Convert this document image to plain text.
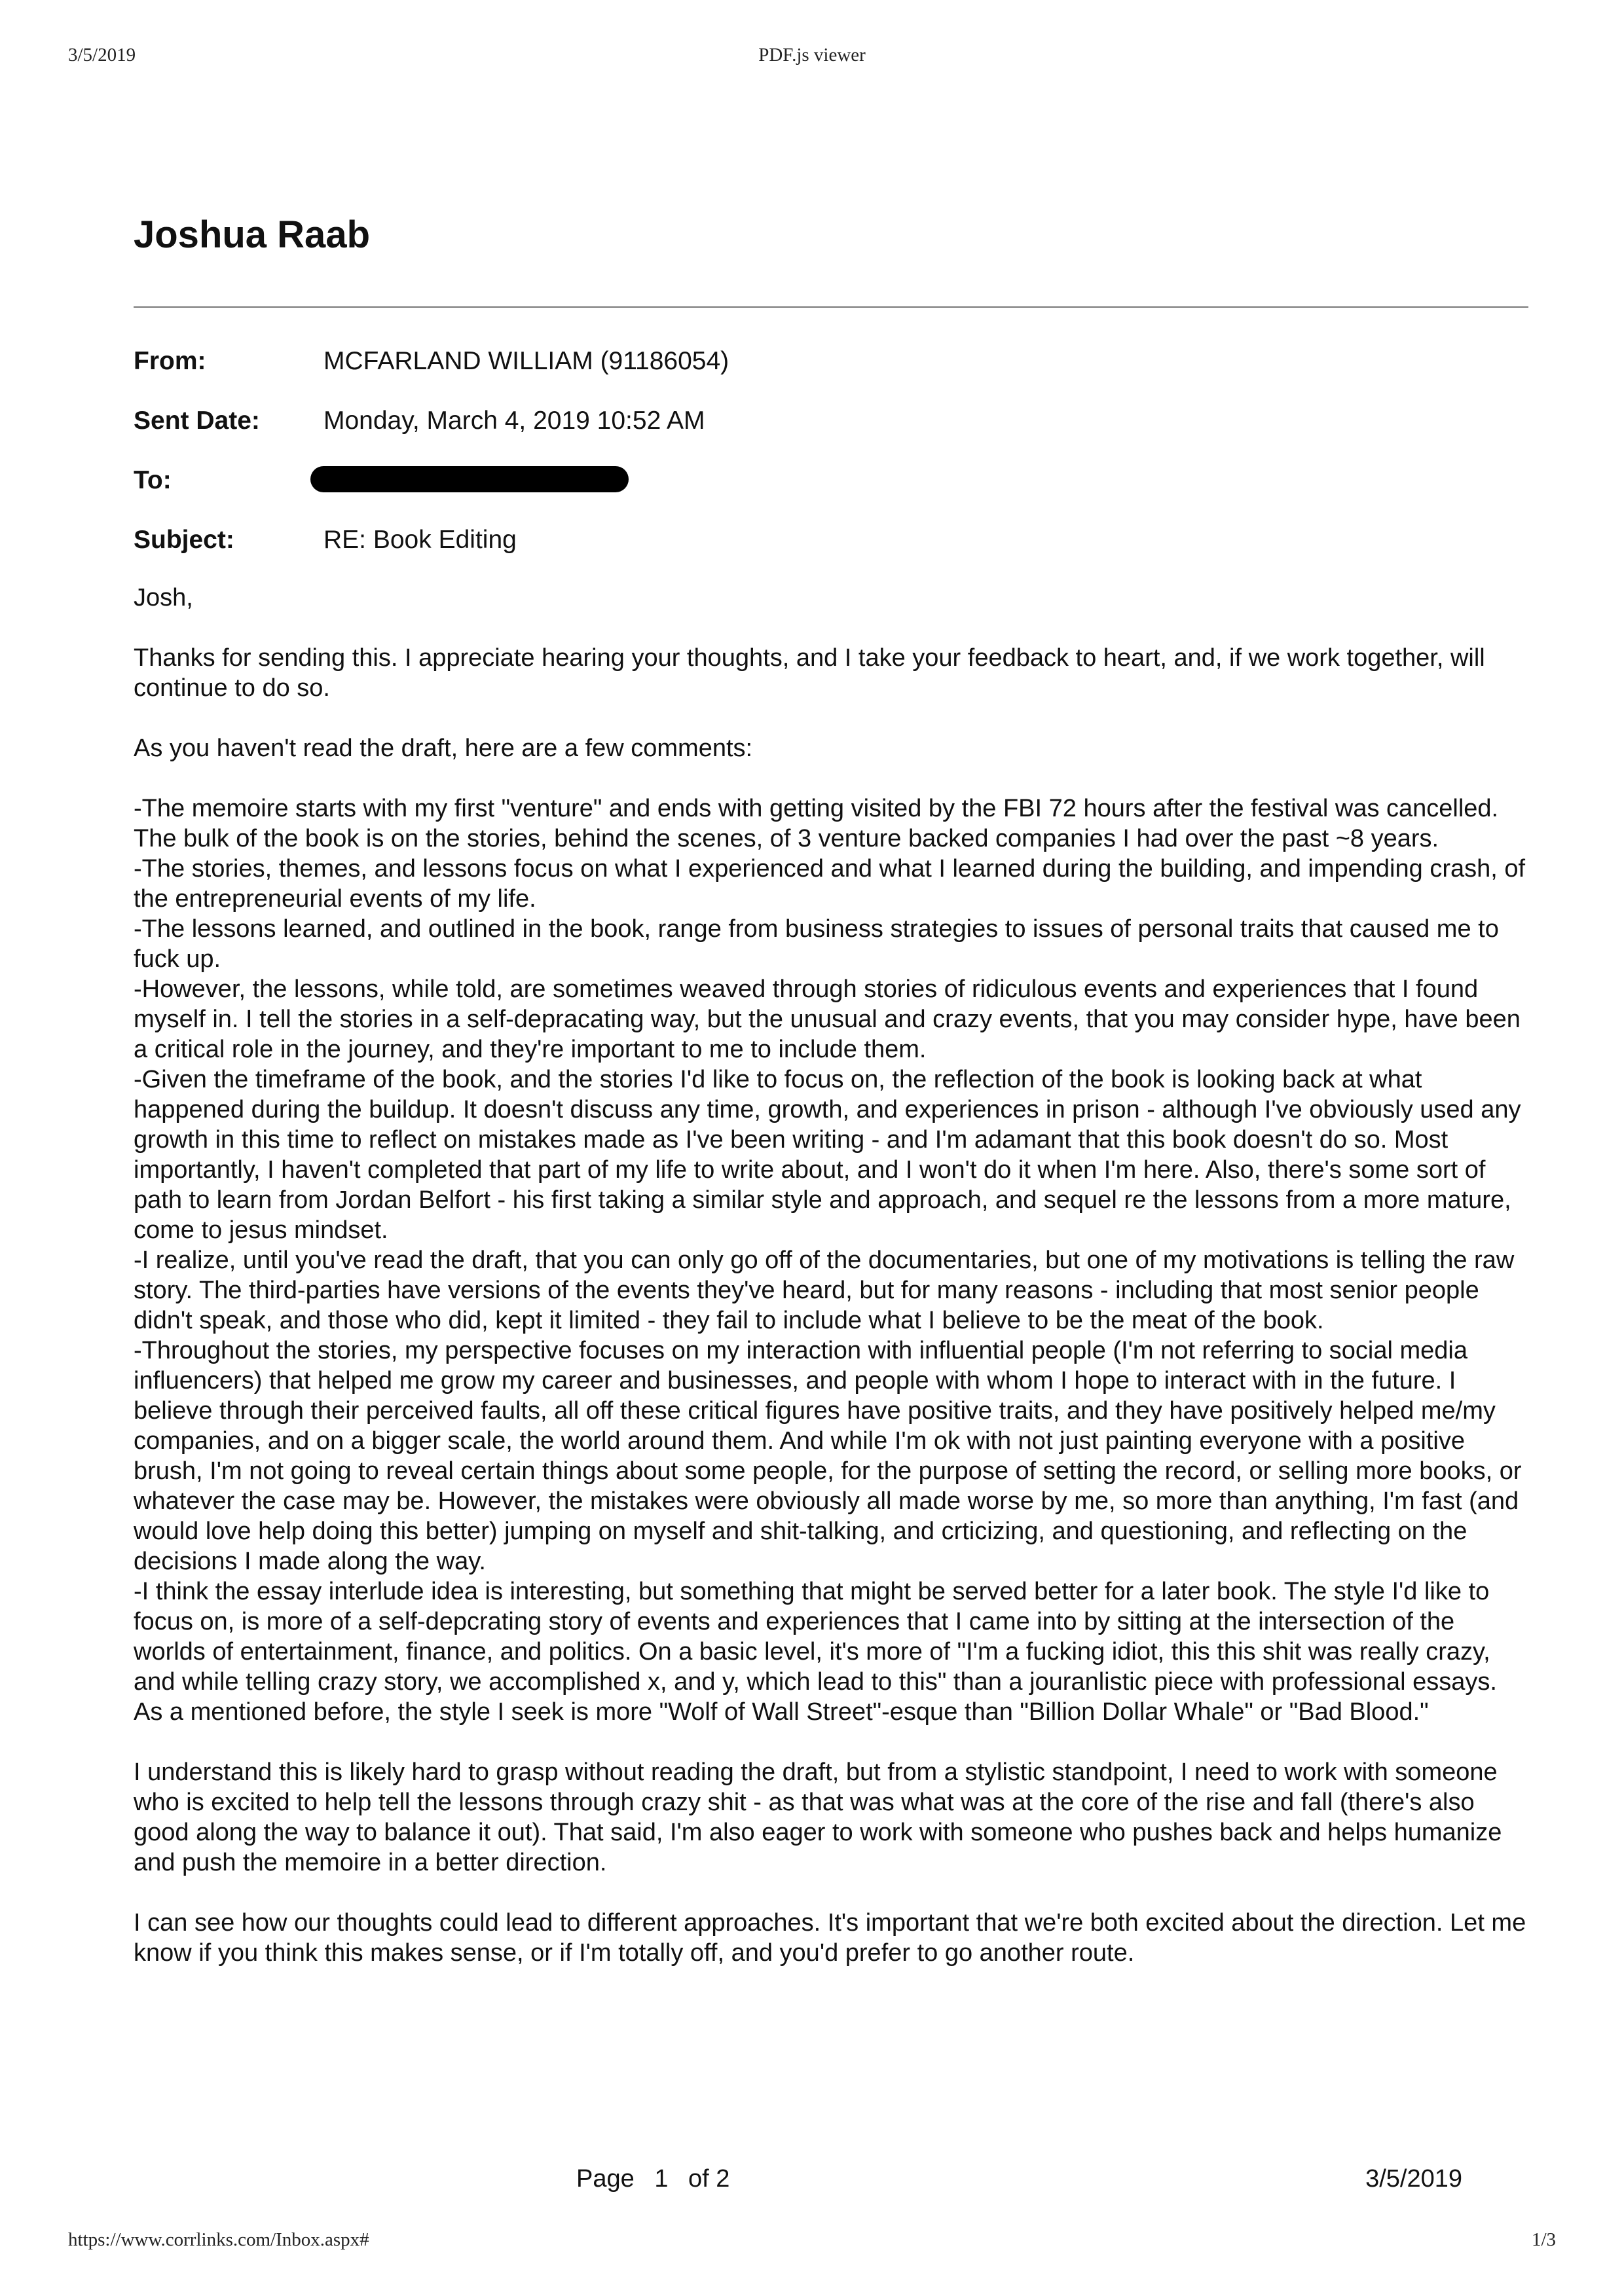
3/5/2019	PDF.js viewer
Joshua Raab
From:	MCFARLAND WILLIAM (91186054)
Sent Date: Monday, March 4, 2019 10:52 AM
To:
Subject:	RE: Book Editing

Josh,

Thanks for sending this. I appreciate hearing your thoughts, and I take your feedback to heart, and, if we work together, will continue to do so.

As you haven't read the draft, here are a few comments:

-The memoire starts with my first "venture" and ends with getting visited by the FBI 72 hours after the festival was cancelled. The bulk of the book is on the stories, behind the scenes, of 3 venture backed companies I had over the past ~8 years.

-The stories, themes, and lessons focus on what I experienced and what I learned during the building, and impending crash, of the entrepreneurial events of my life.

-The lessons learned, and outlined in the book, range from business strategies to issues of personal traits that caused me to fuck up.

-However, the lessons, while told, are sometimes weaved through stories of ridiculous events and experiences that I found myself in. I tell the stories in a self-depracating way, but the unusual and crazy events, that you may consider hype, have been a critical role in the journey, and they're important to me to include them.

-Given the timeframe of the book, and the stories I'd like to focus on, the reflection of the book is looking back at what happened during the buildup. It doesn't discuss any time, growth, and experiences in prison - although I've obviously used any growth in this time to reflect on mistakes made as I've been writing - and I'm adamant that this book doesn't do so. Most importantly, I haven't completed that part of my life to write about, and I won't do it when I'm here. Also, there's some sort of path to learn from Jordan Belfort - his first taking a similar style and approach, and sequel re the lessons from a more mature, come to jesus mindset.

-I realize, until you've read the draft, that you can only go off of the documentaries, but one of my motivations is telling the raw story. The third-parties have versions of the events they've heard, but for many reasons - including that most senior people didn't speak, and those who did, kept it limited - they fail to include what I believe to be the meat of the book.

-Throughout the stories, my perspective focuses on my interaction with influential people (I'm not referring to social media influencers) that helped me grow my career and businesses, and people with whom I hope to interact with in the future. I believe through their perceived faults, all off these critical figures have positive traits, and they have positively helped me/my companies, and on a bigger scale, the world around them. And while I'm ok with not just painting everyone with a positive brush, I'm not going to reveal certain things about some people, for the purpose of setting the record, or selling more books, or whatever the case may be. However, the mistakes were obviously all made worse by me, so more than anything, I'm fast (and would love help doing this better) jumping on myself and shit-talking, and crticizing, and questioning, and reflecting on the decisions I made along the way.

-I think the essay interlude idea is interesting, but something that might be served better for a later book. The style I'd like to focus on, is more of a self-depcrating story of events and experiences that I came into by sitting at the intersection of the worlds of entertainment, finance, and politics. On a basic level, it's more of "I'm a fucking idiot, this this shit was really crazy, and while telling crazy story, we accomplished x, and y, which lead to this" than a jouranlistic piece with professional essays. As a mentioned before, the style I seek is more "Wolf of Wall Street"-esque than "Billion Dollar Whale" or "Bad Blood."

I understand this is likely hard to grasp without reading the draft, but from a stylistic standpoint, I need to work with someone who is excited to help tell the lessons through crazy shit - as that was what was at the core of the rise and fall (there's also good along the way to balance it out). That said, I'm also eager to work with someone who pushes back and helps humanize and push the memoire in a better direction.

I can see how our thoughts could lead to different approaches. It's important that we're both excited about the direction. Let me know if you think this makes sense, or if I'm totally off, and you'd prefer to go another route.

Page 1 of 2	3/5/2019
https://www.corrlinks.com/Inbox.aspx#	1/3
